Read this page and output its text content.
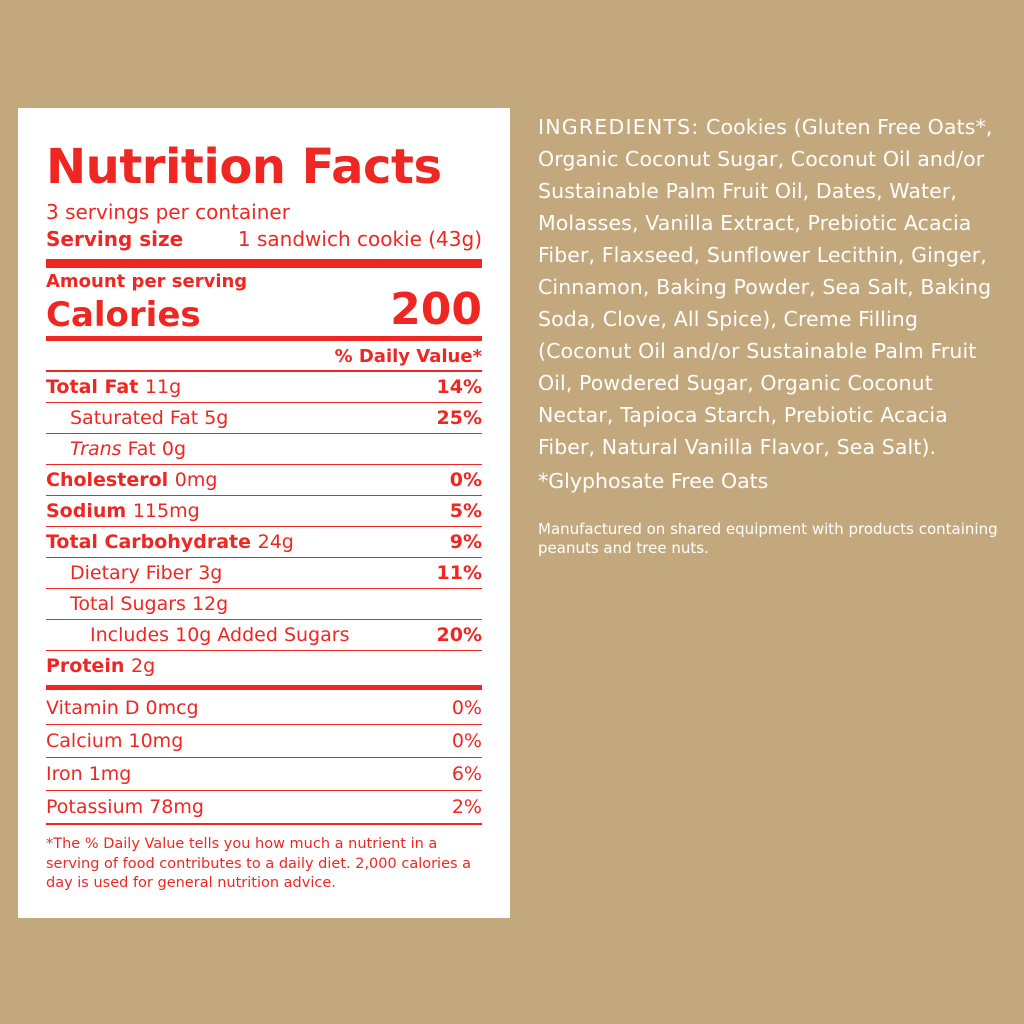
Nutrition Facts
3 servings per container
Serving size	1 sandwich cookie (43g)
Amount per serving
Calories	200
% Daily Value*
Total Fat 11g	14%
Saturated Fat 5g	25%
Trans Fat 0g
Cholesterol 0mg	0%
Sodium 115mg	5%
Total Carbohydrate 24g	9%
Dietary Fiber 3g	11%
Total Sugars 12g
Includes 10g Added Sugars	20%
Protein 2g
Vitamin D 0mcg	0%
Calcium 10mg	0%
Iron 1mg	6%
Potassium 78mg	2%
*The % Daily Value tells you how much a nutrient in a serving of food contributes to a daily diet. 2,000 calories a day is used for general nutrition advice.
INGREDIENTS: Cookies (Gluten Free Oats*, Organic Coconut Sugar, Coconut Oil and/or Sustainable Palm Fruit Oil, Dates, Water, Molasses, Vanilla Extract, Prebiotic Acacia Fiber, Flaxseed, Sunflower Lecithin, Ginger, Cinnamon, Baking Powder, Sea Salt, Baking Soda, Clove, All Spice), Creme Filling (Coconut Oil and/or Sustainable Palm Fruit Oil, Powdered Sugar, Organic Coconut Nectar, Tapioca Starch, Prebiotic Acacia Fiber, Natural Vanilla Flavor, Sea Salt).
*Glyphosate Free Oats
Manufactured on shared equipment with products containing peanuts and tree nuts.
